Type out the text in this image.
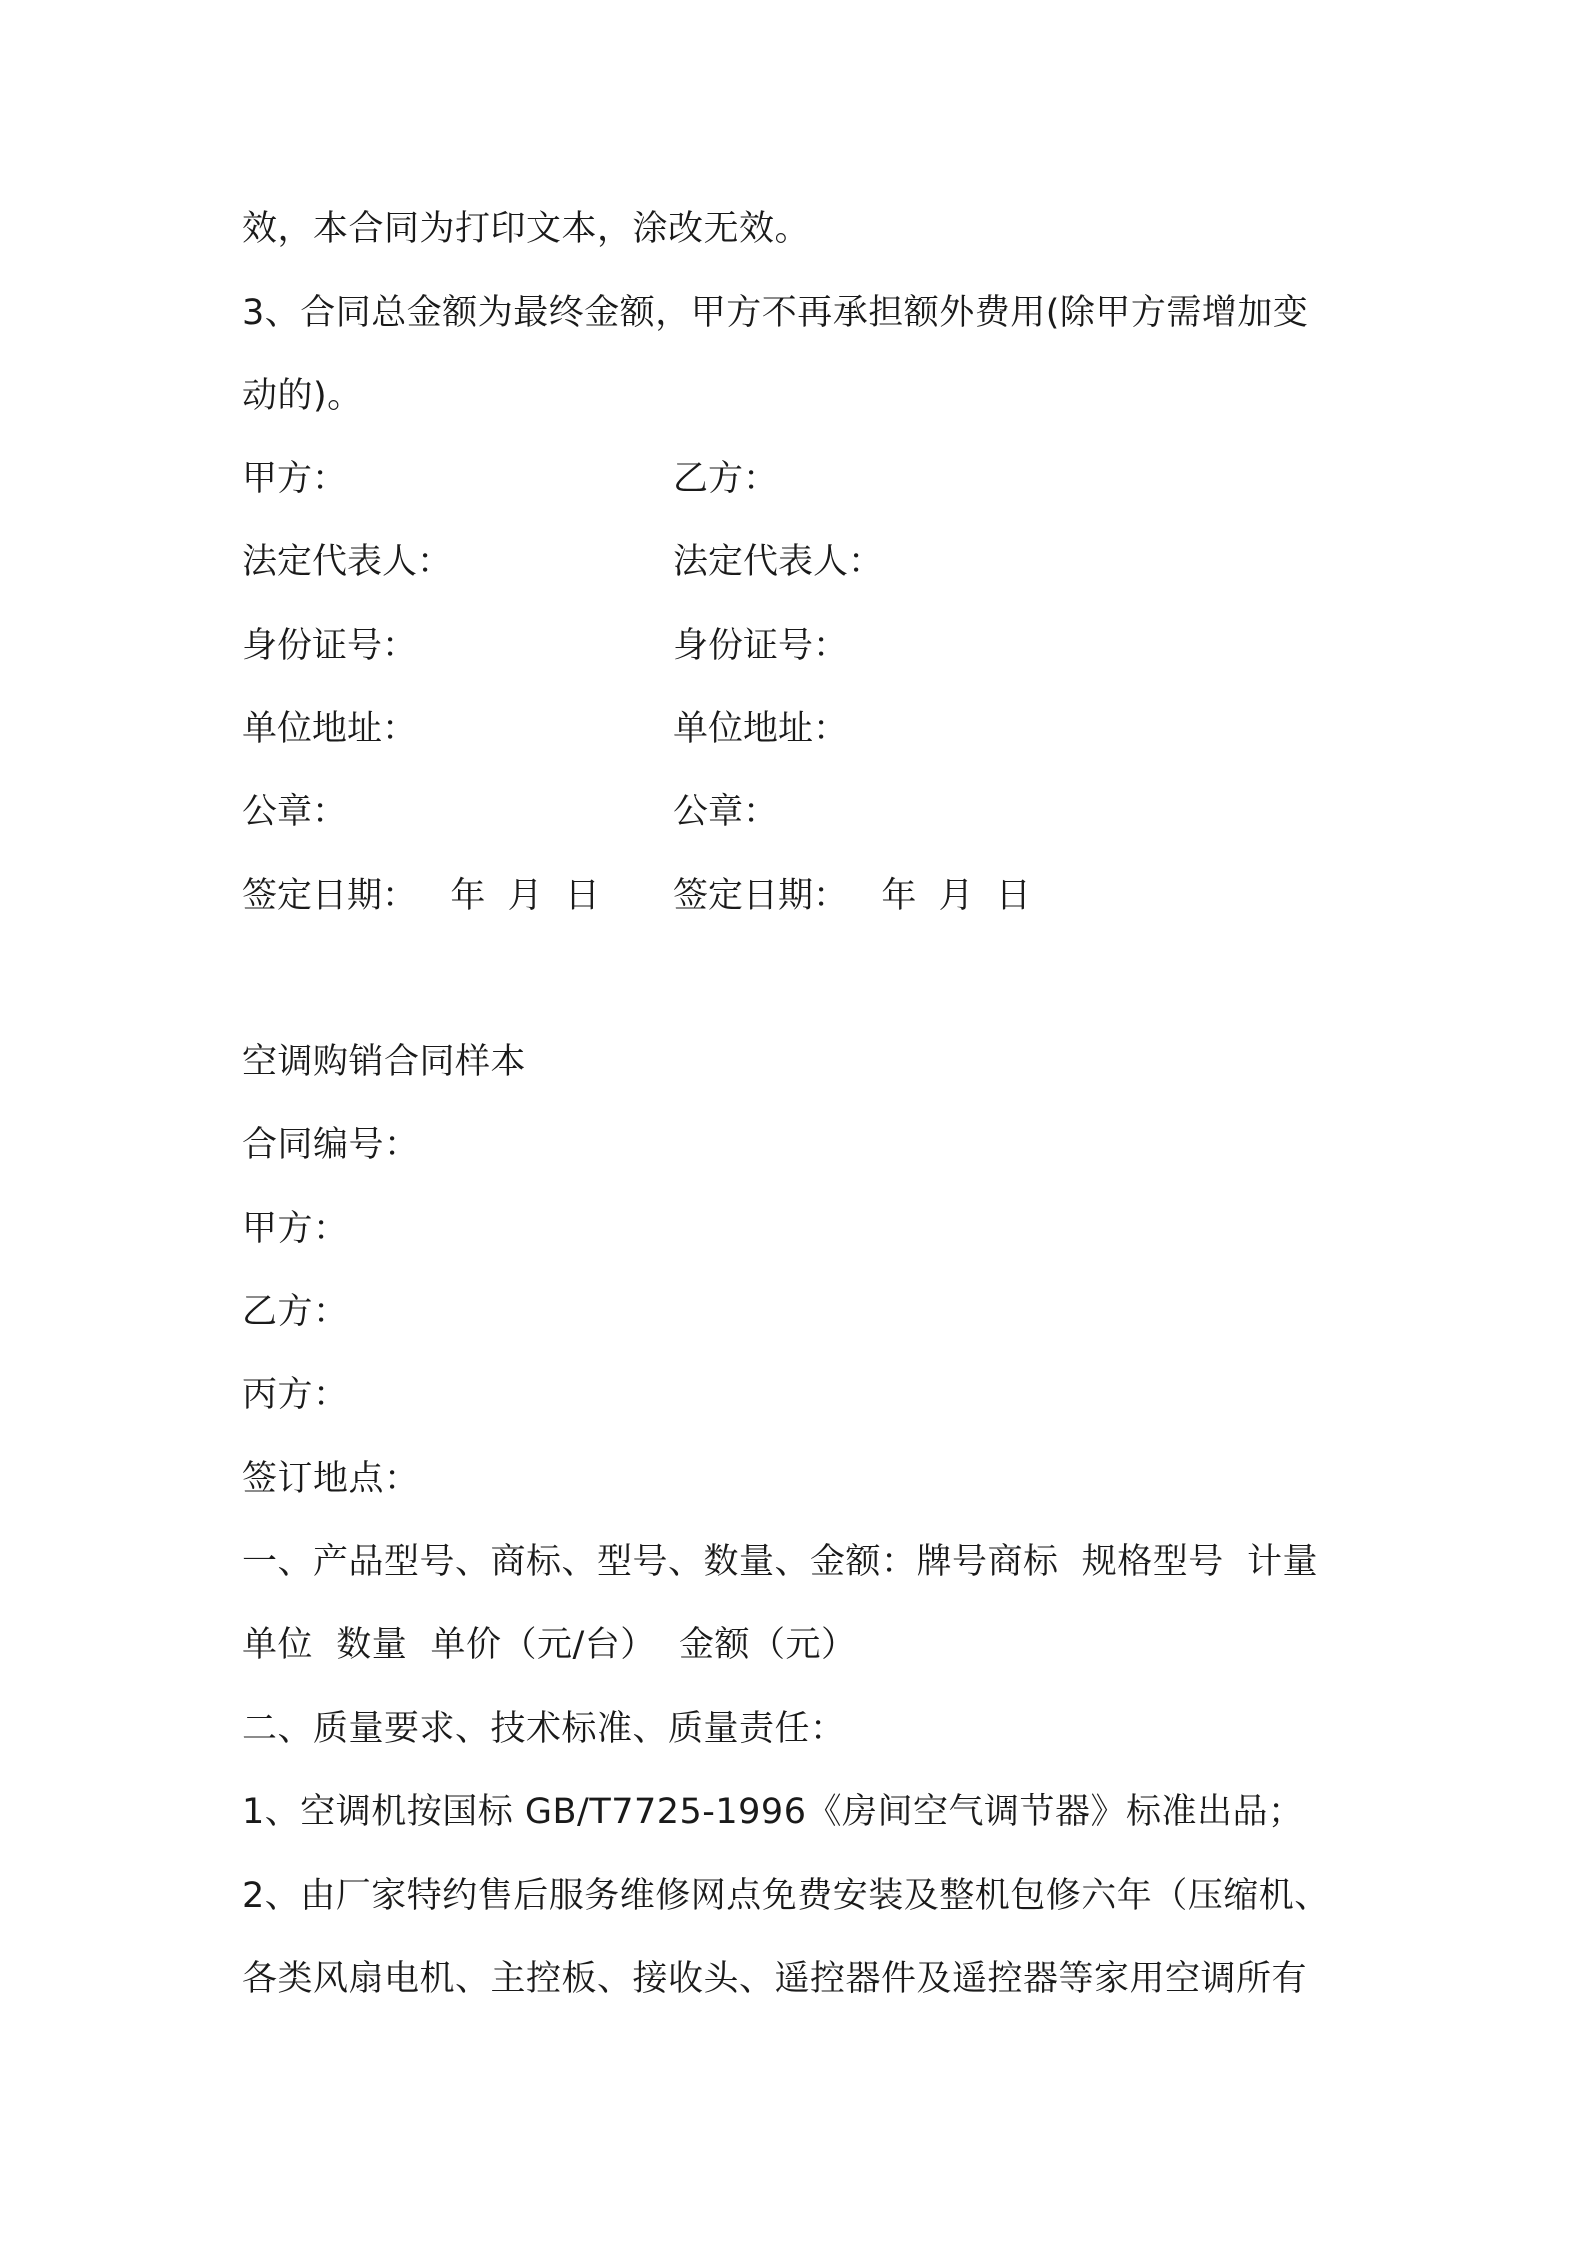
效，本合同为打印文本，涂改无效。
3、合同总金额为最终金额，甲方不再承担额外费用(除甲方需增加变
动的)。
甲方：
法定代表人：
身份证号：
单位地址：
公章：
签定日期：   年  月  日
乙方：
法定代表人：
身份证号：
单位地址：
公章：
签定日期：   年  月  日
空调购销合同样本
合同编号：
甲方：
乙方：
丙方：
签订地点：
一、产品型号、商标、型号、数量、金额：牌号商标  规格型号  计量
单位  数量  单价（元/台）  金额（元）
二、质量要求、技术标准、质量责任：
1、空调机按国标 GB/T7725-1996《房间空气调节器》标准出品；
2、由厂家特约售后服务维修网点免费安装及整机包修六年（压缩机、
各类风扇电机、主控板、接收头、遥控器件及遥控器等家用空调所有
